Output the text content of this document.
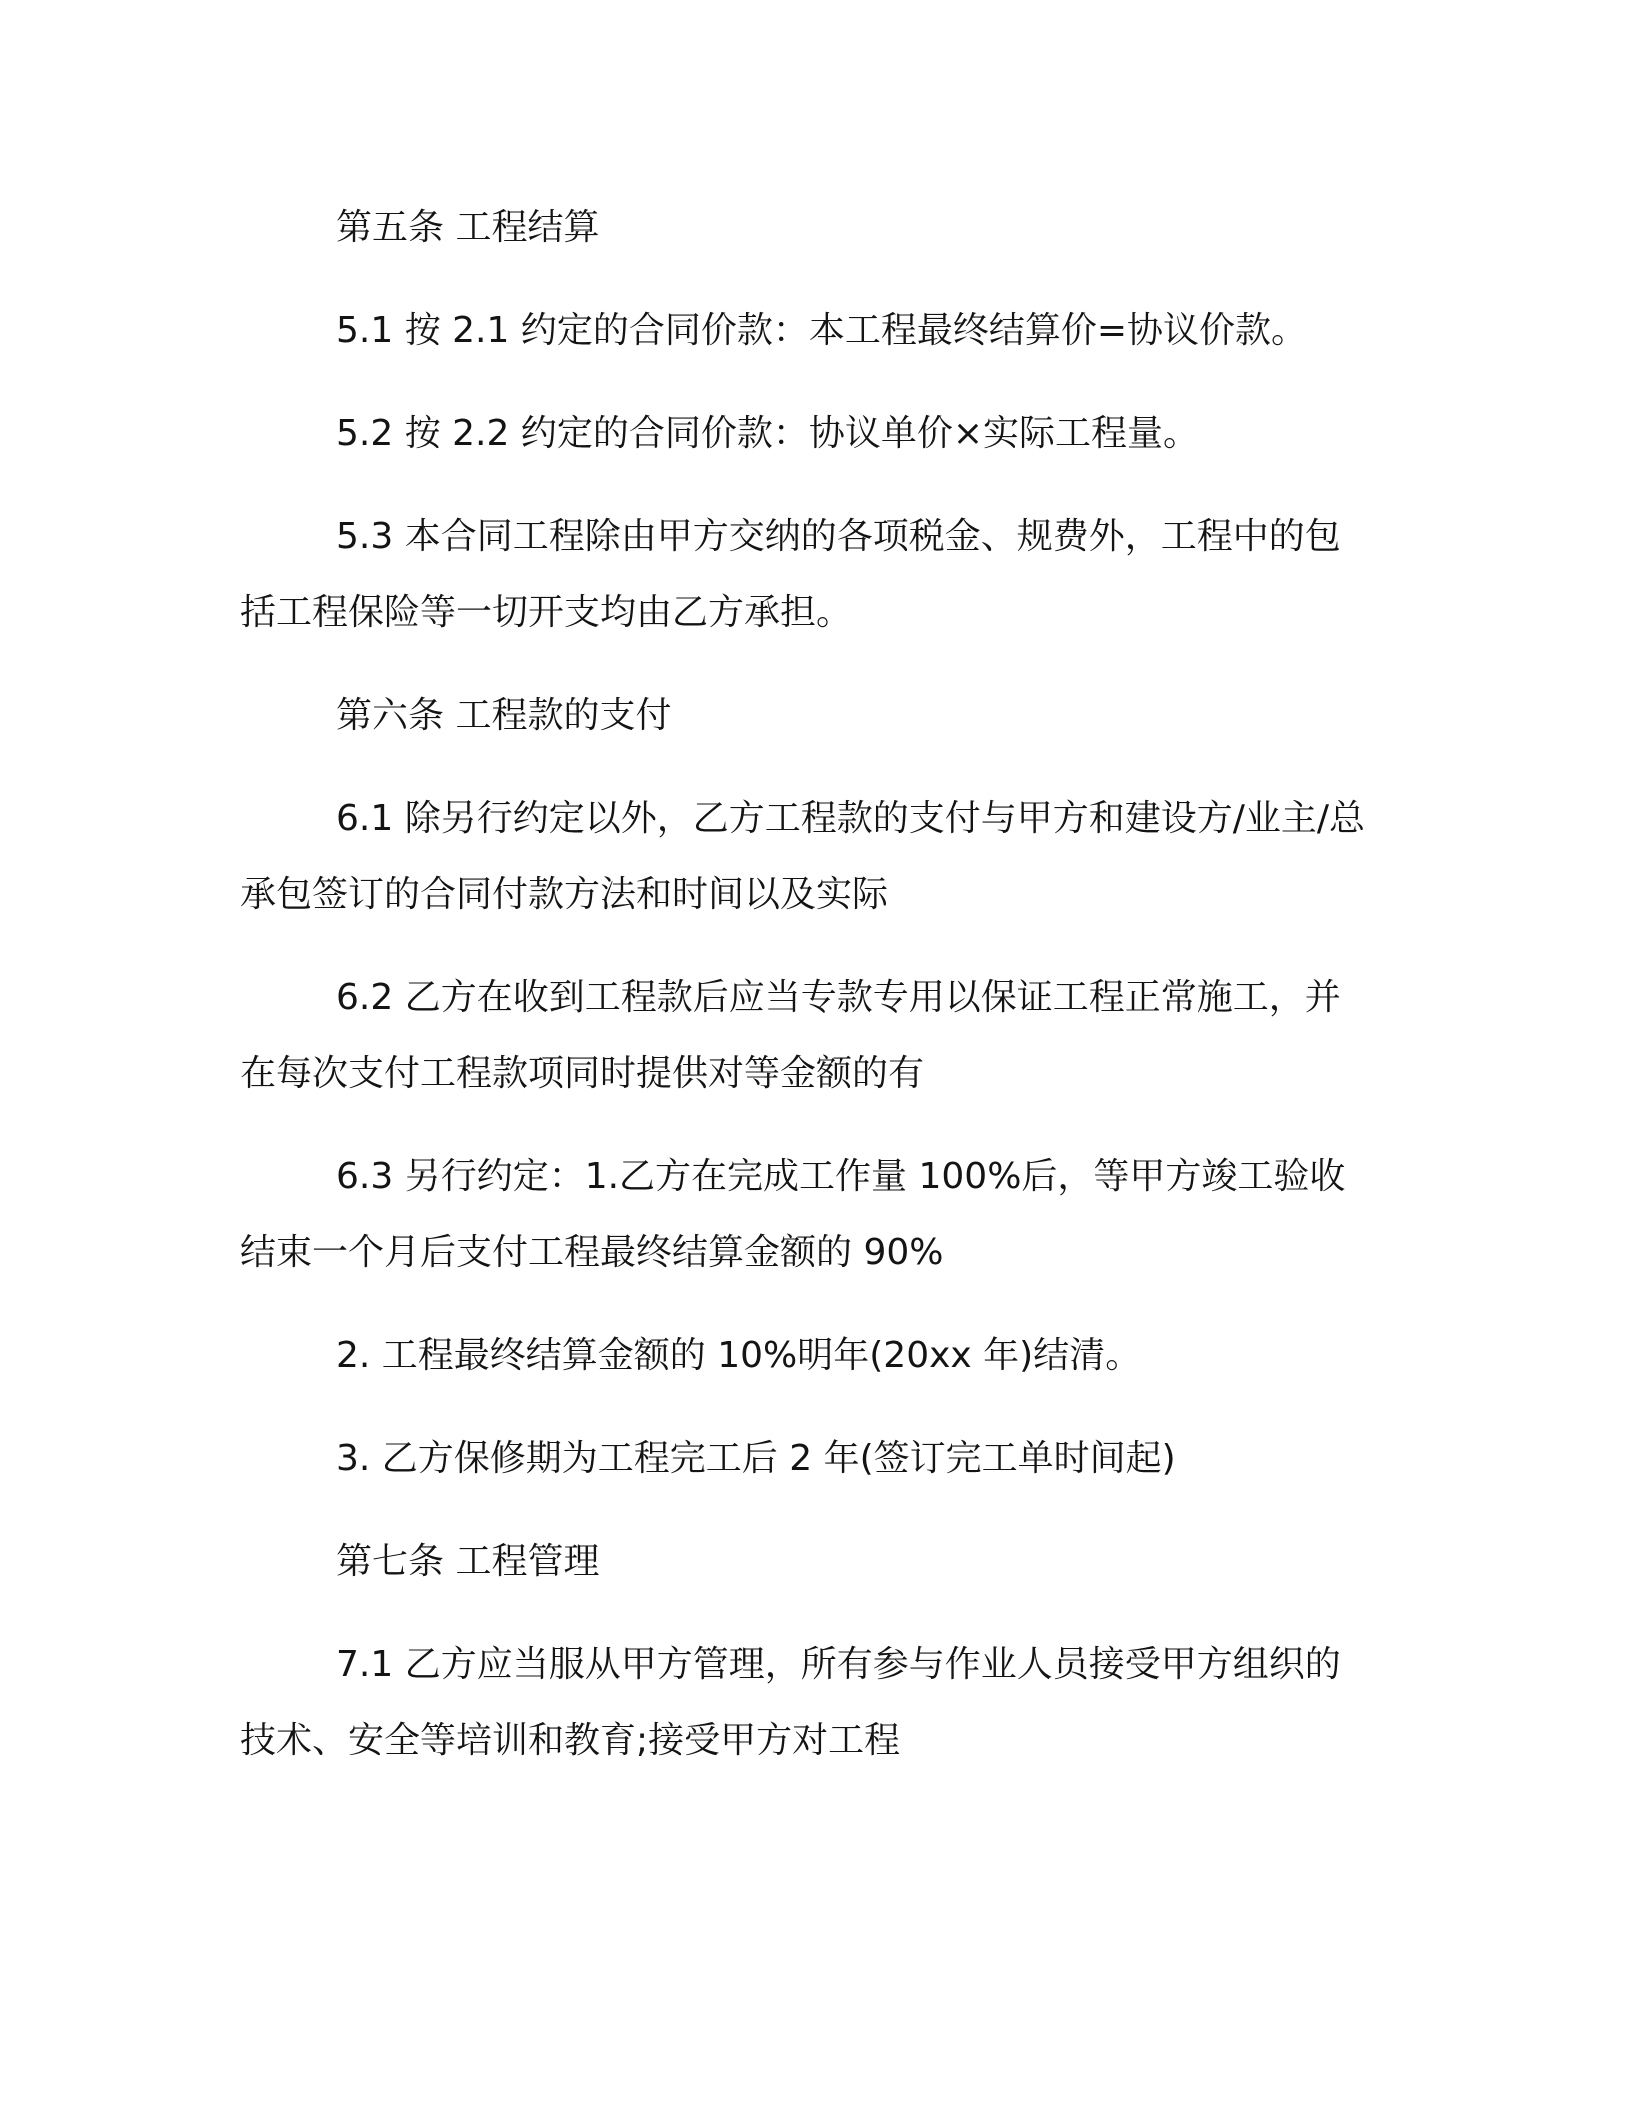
第五条 工程结算

5.1 按 2.1 约定的合同价款：本工程最终结算价=协议价款。

5.2 按 2.2 约定的合同价款：协议单价×实际工程量。

5.3 本合同工程除由甲方交纳的各项税金、规费外，工程中的包括工程保险等一切开支均由乙方承担。

第六条 工程款的支付

6.1 除另行约定以外，乙方工程款的支付与甲方和建设方/业主/总承包签订的合同付款方法和时间以及实际

6.2 乙方在收到工程款后应当专款专用以保证工程正常施工，并在每次支付工程款项同时提供对等金额的有

6.3 另行约定：1.乙方在完成工作量 100%后，等甲方竣工验收结束一个月后支付工程最终结算金额的 90%

2. 工程最终结算金额的 10%明年(20xx 年)结清。

3. 乙方保修期为工程完工后 2 年(签订完工单时间起)

第七条 工程管理

7.1 乙方应当服从甲方管理，所有参与作业人员接受甲方组织的技术、安全等培训和教育;接受甲方对工程
